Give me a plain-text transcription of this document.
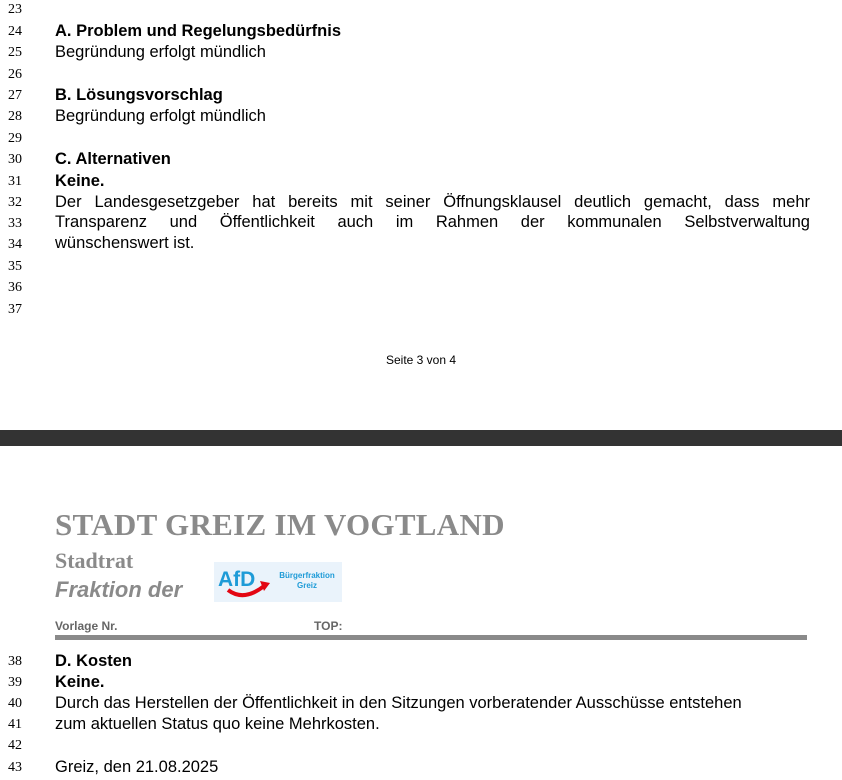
23
24
25
26
27
28
29
30
31
32
33
34
35
36
37
A. Problem und Regelungsbedürfnis
Begründung erfolgt mündlich
B. Lösungsvorschlag
Begründung erfolgt mündlich
C. Alternativen
Keine.
Der Landesgesetzgeber hat bereits mit seiner Öffnungsklausel deutlich gemacht, dass mehr
Transparenz und Öffentlichkeit auch im Rahmen der kommunalen Selbstverwaltung
wünschenswert ist.
Seite 3 von 4
STADT GREIZ IM VOGTLAND
Stadtrat
Fraktion der AfD	Bürgerfraktion
Greiz
Vorlage Nr.	TOP:
38
39
40
41
42
43
D. Kosten
Keine.
Durch das Herstellen der Öffentlichkeit in den Sitzungen vorberatender Ausschüsse entstehen
zum aktuellen Status quo keine Mehrkosten.
Greiz, den 21.08.2025
